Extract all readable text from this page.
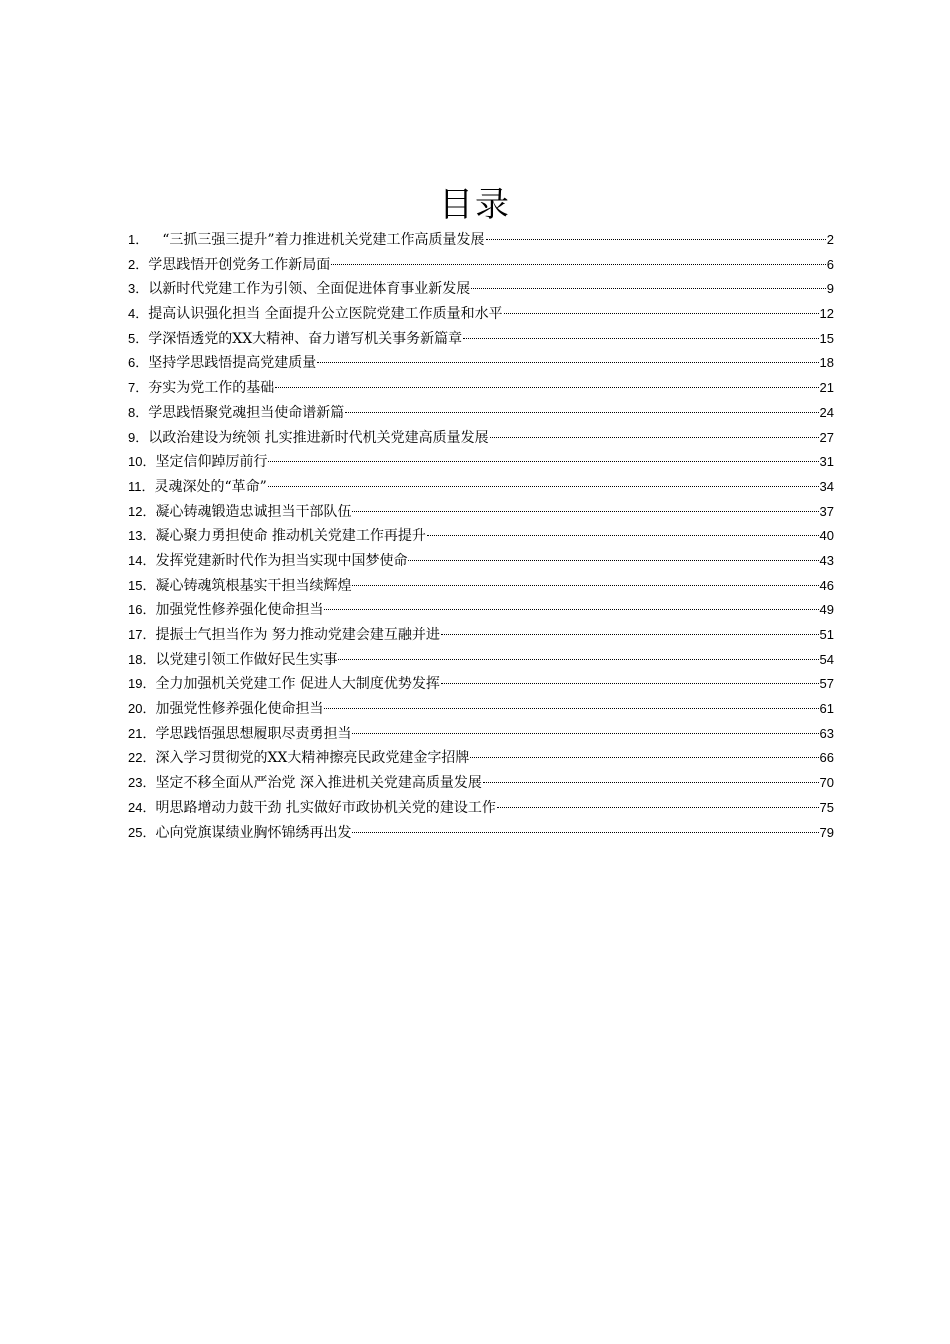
目录
1． “三抓三强三提升”着力推进机关党建工作高质量发展	2
2． 学思践悟开创党务工作新局面	6
3． 以新时代党建工作为引领、全面促进体育事业新发展	9
4． 提高认识强化担当 全面提升公立医院党建工作质量和水平	12
5． 学深悟透党的XX大精神、奋力谱写机关事务新篇章	15
6． 坚持学思践悟提高党建质量	18
7． 夯实为党工作的基础	21
8． 学思践悟聚党魂担当使命谱新篇	24
9． 以政治建设为统领 扎实推进新时代机关党建高质量发展	27
10． 坚定信仰踔厉前行	31
11． 灵魂深处的“革命”	34
12． 凝心铸魂锻造忠诚担当干部队伍	37
13． 凝心聚力勇担使命 推动机关党建工作再提升	40
14． 发挥党建新时代作为担当实现中国梦使命	43
15． 凝心铸魂筑根基实干担当续辉煌	46
16． 加强党性修养强化使命担当	49
17． 提振士气担当作为 努力推动党建会建互融并进	51
18． 以党建引领工作做好民生实事	54
19． 全力加强机关党建工作 促进人大制度优势发挥	57
20． 加强党性修养强化使命担当	61
21． 学思践悟强思想履职尽责勇担当	63
22． 深入学习贯彻党的XX大精神擦亮民政党建金字招牌	66
23． 坚定不移全面从严治党 深入推进机关党建高质量发展	70
24． 明思路增动力鼓干劲 扎实做好市政协机关党的建设工作	75
25． 心向党旗谋绩业胸怀锦绣再出发	79
